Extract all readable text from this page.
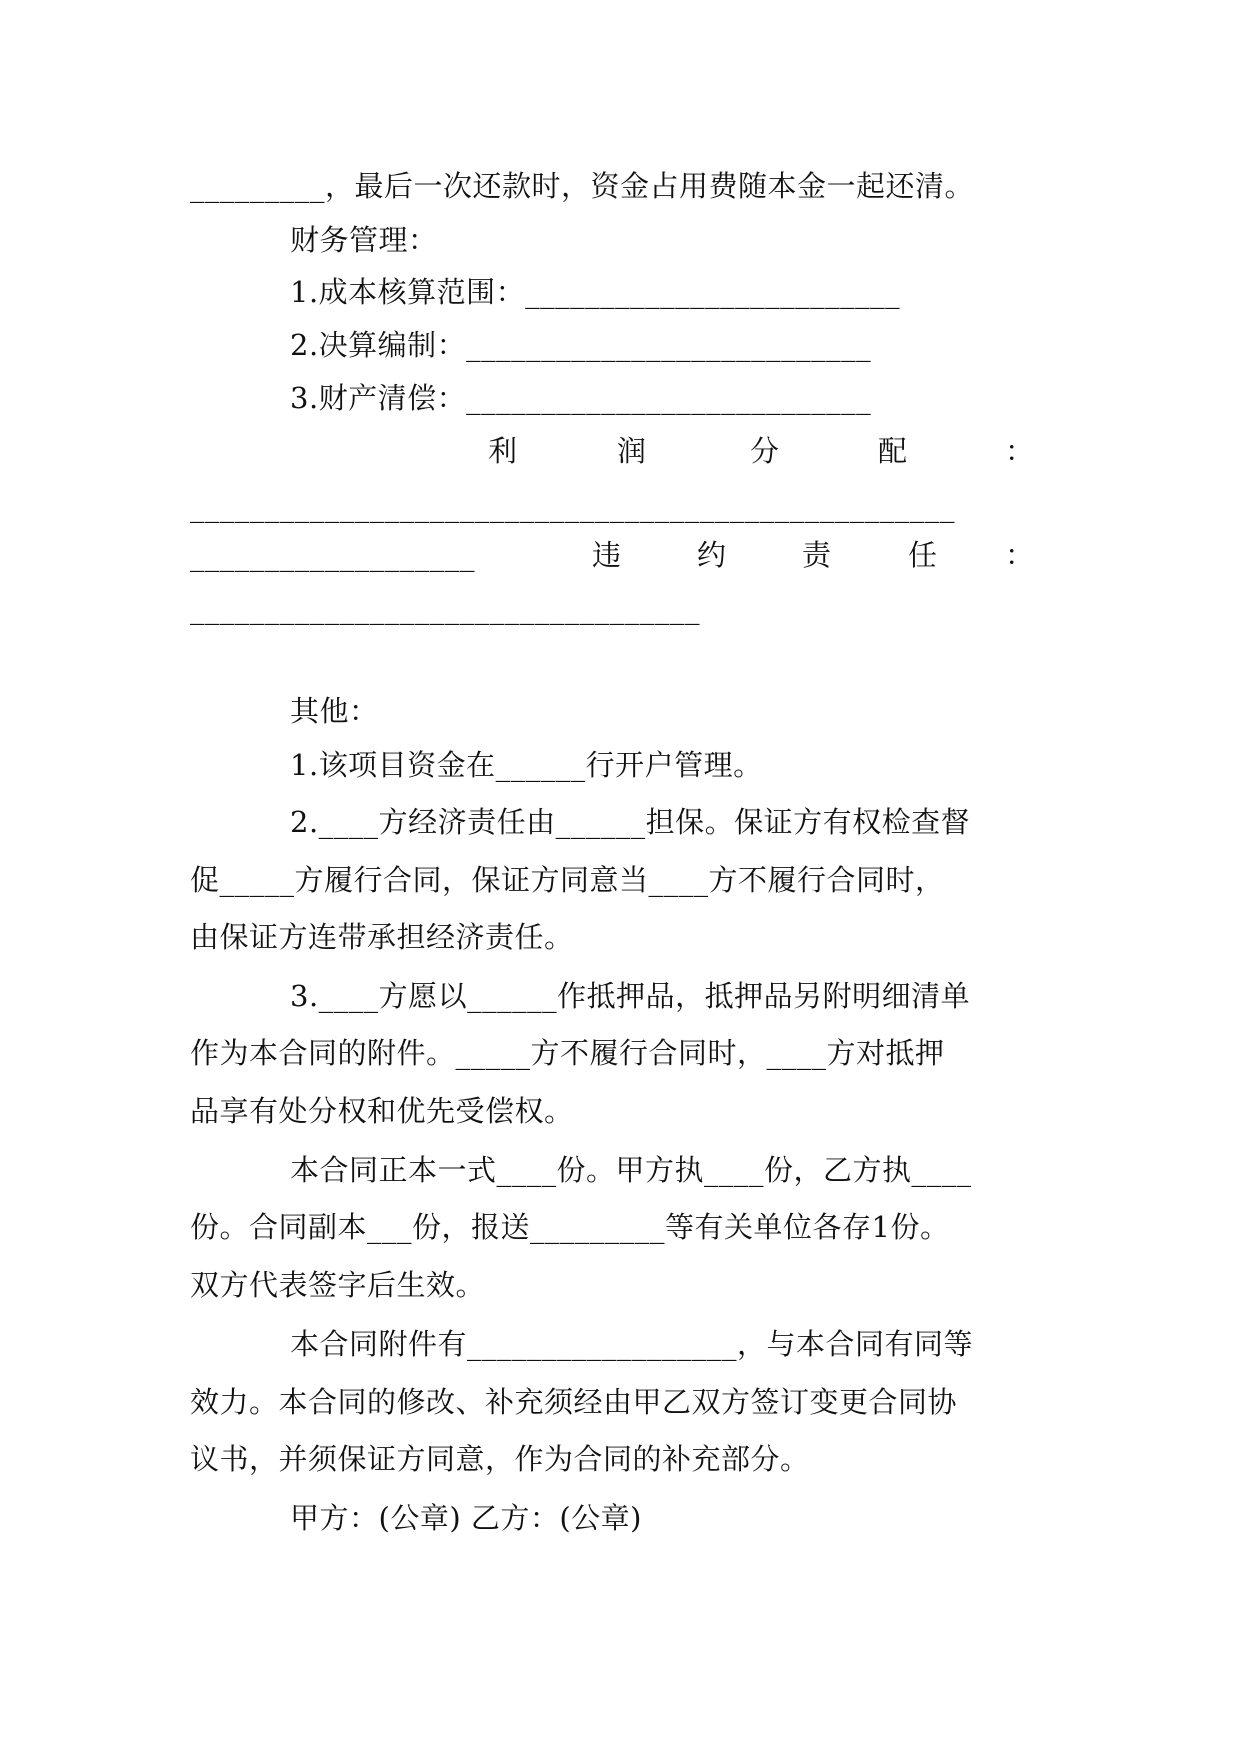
_________，最后一次还款时，资金占用费随本金一起还清。
财务管理：
1.成本核算范围：_________________________
2.决算编制：___________________________
3.财产清偿：___________________________
利	润	分	配	：
___________________________________________________
___________________	违	约	责	任 ：
__________________________________
其他：
1.该项目资金在______行开户管理。
2.____方经济责任由______担保。保证方有权检查督
促_____方履行合同，保证方同意当____方不履行合同时，
由保证方连带承担经济责任。
3.____方愿以______作抵押品，抵押品另附明细清单
作为本合同的附件。_____方不履行合同时，____方对抵押
品享有处分权和优先受偿权。
本合同正本一式____份。甲方执____份，乙方执____
份。合同副本___份，报送_________等有关单位各存1份。
双方代表签字后生效。
本合同附件有__________________，与本合同有同等
效力。本合同的修改、补充须经由甲乙双方签订变更合同协
议书，并须保证方同意，作为合同的补充部分。
甲方：(公章) 乙方：(公章)
